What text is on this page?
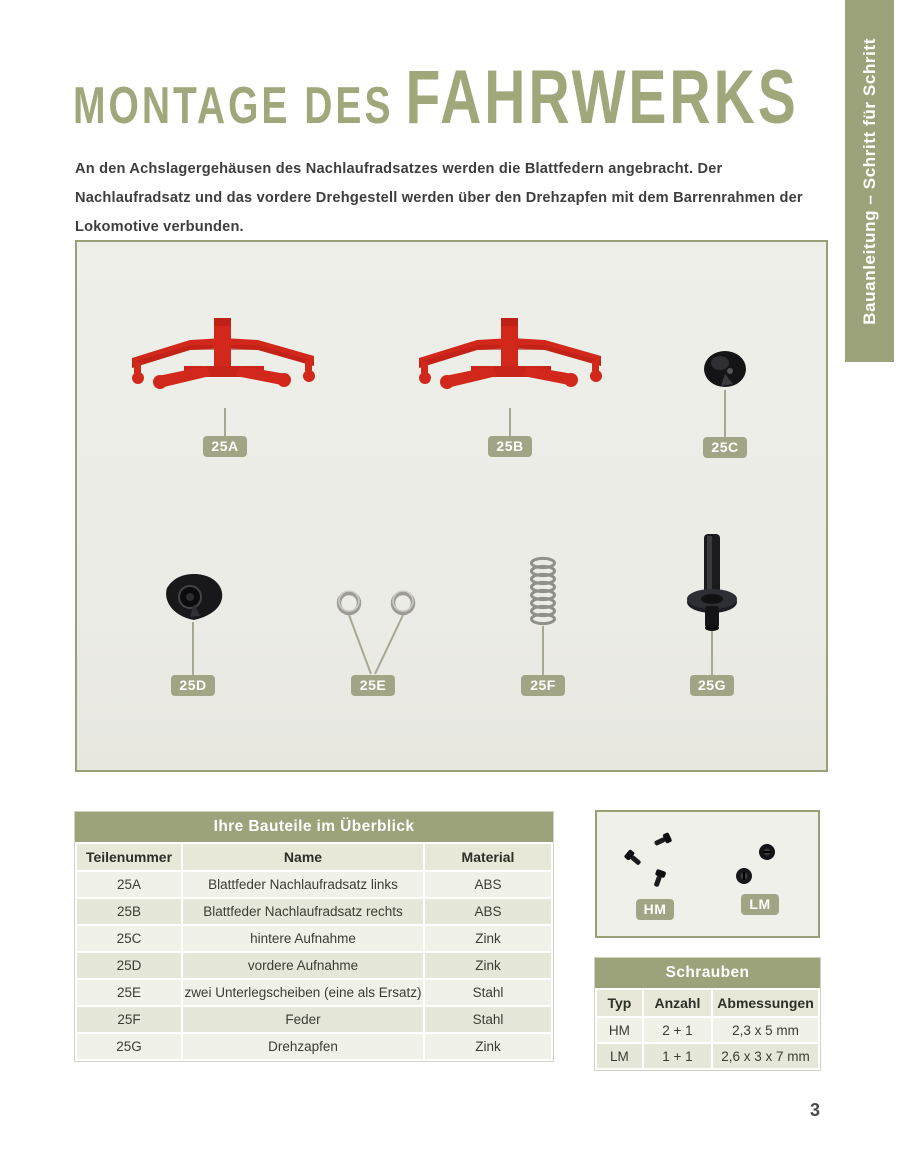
Bauanleitung – Schritt für Schritt
MONTAGE DES FAHRWERKS

An den Achslagergehäusen des Nachlaufradsatzes werden die Blattfedern angebracht. Der Nachlaufradsatz und das vordere Drehgestell werden über den Drehzapfen mit dem Barrenrahmen der Lokomotive verbunden.

25A	25B	25C
25D	25E	25F	25G
Ihre Bauteile im Überblick
Teilenummer	Name	Material
25A	Blattfeder Nachlaufradsatz links	ABS
25B	Blattfeder Nachlaufradsatz rechts	ABS
25C	hintere Aufnahme	Zink
25D	vordere Aufnahme	Zink
25E	zwei Unterlegscheiben (eine als Ersatz)	Stahl
25F	Feder	Stahl
25G	Drehzapfen	Zink
HM	LM
Schrauben
Typ	Anzahl	Abmessungen
HM	2 + 1	2,3 x 5 mm
LM	1 + 1	2,6 x 3 x 7 mm
3
